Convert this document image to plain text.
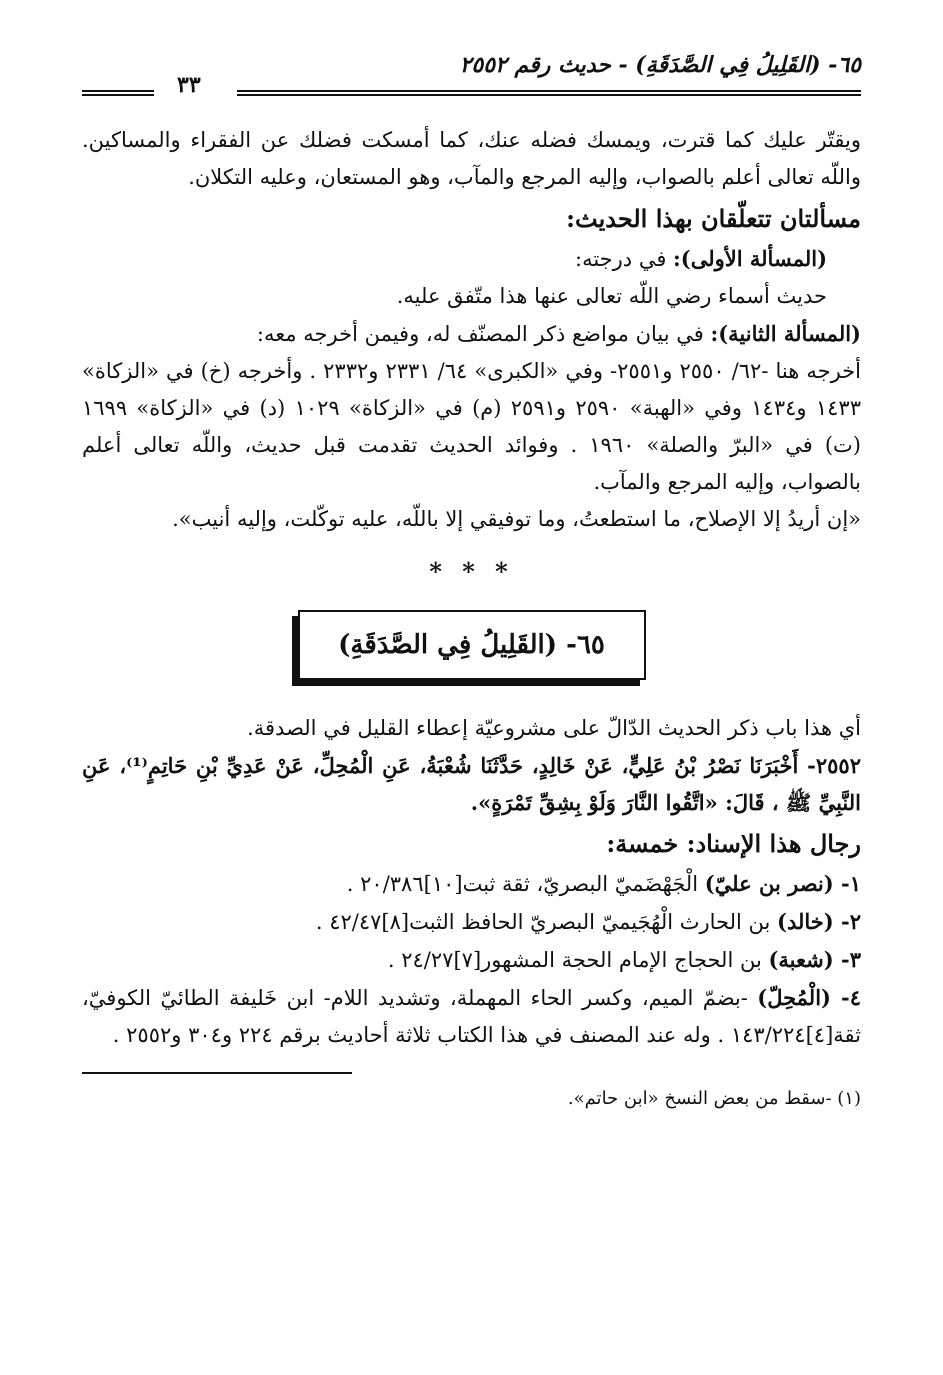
٦٥- (القَلِيلُ فِي الصَّدَقَةِ) - حديث رقم ٢٥٥٢
٣٣

ويقتّر عليك كما قترت، ويمسك فضله عنك، كما أمسكت فضلك عن الفقراء والمساكين. واللّه تعالى أعلم بالصواب، وإليه المرجع والمآب، وهو المستعان، وعليه التكلان.

مسألتان تتعلّقان بهذا الحديث:

(المسألة الأولى): في درجته:

حديث أسماء رضي اللّه تعالى عنها هذا متّفق عليه.

(المسألة الثانية): في بيان مواضع ذكر المصنّف له، وفيمن أخرجه معه:

أخرجه هنا -٦٢/ ٢٥٥٠ و٢٥٥١- وفي «الكبرى» ٦٤/ ٢٣٣١ و٢٣٣٢ . وأخرجه (خ) في «الزكاة» ١٤٣٣ و١٤٣٤ وفي «الهبة» ٢٥٩٠ و٢٥٩١ (م) في «الزكاة» ١٠٢٩ (د) في «الزكاة» ١٦٩٩ (ت) في «البرّ والصلة» ١٩٦٠ . وفوائد الحديث تقدمت قبل حديث، واللّه تعالى أعلم بالصواب، وإليه المرجع والمآب.

«إن أريدُ إلا الإصلاح، ما استطعتُ، وما توفيقي إلا باللّه، عليه توكّلت، وإليه أنيب».

* * *
٦٥- (القَلِيلُ فِي الصَّدَقَةِ)

أي هذا باب ذكر الحديث الدّالّ على مشروعيّة إعطاء القليل في الصدقة.

٢٥٥٢- أَخْبَرَنَا نَصْرُ بْنُ عَلِيٍّ، عَنْ خَالِدٍ، حَدَّثَنَا شُعْبَةُ، عَنِ الْمُحِلِّ، عَنْ عَدِيِّ بْنِ حَاتِمٍ⁽¹⁾، عَنِ النَّبِيِّ ﷺ ، قَالَ: «اتَّقُوا النَّارَ وَلَوْ بِشِقِّ تَمْرَةٍ».

رجال هذا الإسناد: خمسة:

١- (نصر بن عليّ) الْجَهْضَميّ البصريّ، ثقة ثبت[١٠]٢٠/٣٨٦ .

٢- (خالد) بن الحارث الْهُجَيميّ البصريّ الحافظ الثبت[٨]٤٢/٤٧ .

٣- (شعبة) بن الحجاج الإمام الحجة المشهور[٧]٢٤/٢٧ .

٤- (الْمُحِلّ) -بضمّ الميم، وكسر الحاء المهملة، وتشديد اللام- ابن خَليفة الطائيّ الكوفيّ، ثقة[٤]١٤٣/٢٢٤ . وله عند المصنف في هذا الكتاب ثلاثة أحاديث برقم ٢٢٤ و٣٠٤ و٢٥٥٢ .

(١) -سقط من بعض النسخ «ابن حاتم».
